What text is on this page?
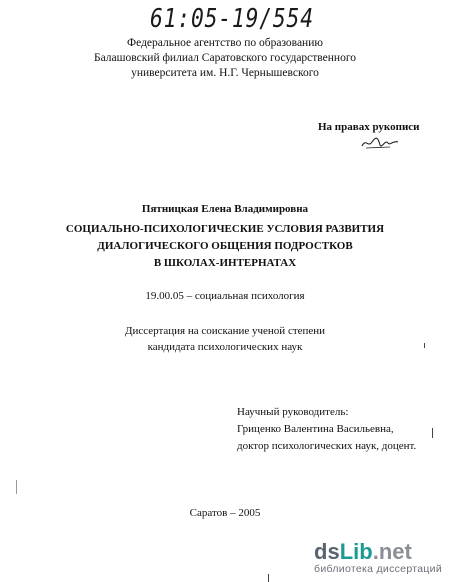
61:05-19/554
Федеральное агентство по образованию
Балашовский филиал Саратовского государственного
университета им. Н.Г. Чернышевского
На правах рукописи
Пятницкая Елена Владимировна
СОЦИАЛЬНО-ПСИХОЛОГИЧЕСКИЕ УСЛОВИЯ РАЗВИТИЯ
ДИАЛОГИЧЕСКОГО ОБЩЕНИЯ ПОДРОСТКОВ
В ШКОЛАХ-ИНТЕРНАТАХ
19.00.05 – социальная психология
Диссертация на соискание ученой степени
кандидата психологических наук
Научный руководитель:
Гриценко Валентина Васильевна,
доктор психологических наук, доцент.
Саратов – 2005
dsLib.net
библиотека диссертаций
